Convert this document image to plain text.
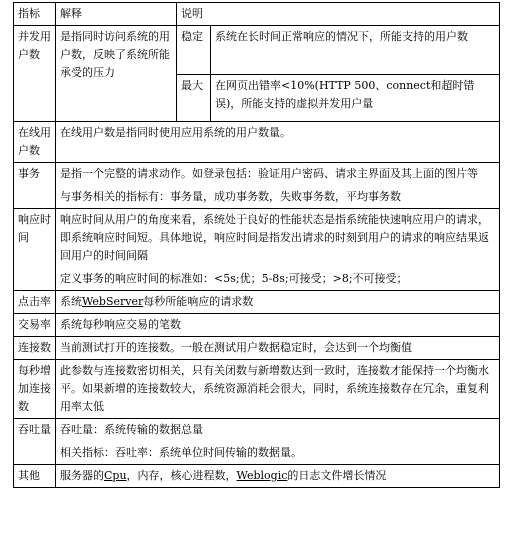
指标	解释	说明	
并发用户数	是指同时访问系统的用户数，反映了系统所能承受的压力	稳定	系统在长时间正常响应的情况下，所能支持的用户数
		最大	在网页出错率<10%(HTTP 500、connect和超时错误)，所能支持的虚拟并发用户量
在线用户数	在线用户数是指同时使用应用系统的用户数量。		
事务	是指一个完整的请求动作。如登录包括：验证用户密码、请求主界面及其上面的图片等

与事务相关的指标有：事务量，成功事务数，失败事务数，平均事务数		

响应时间	响应时间从用户的角度来看，系统处于良好的性能状态是指系统能快速响应用户的请求，即系统响应时间短。具体地说，响应时间是指发出请求的时刻到用户的请求的响应结果返回用户的时间间隔

定义事务的响应时间的标准如：<5s;优；5-8s;可接受；>8;不可接受；		

点击率	系统WebServer每秒所能响应的请求数		
交易率	系统每秒响应交易的笔数		
连接数	当前测试打开的连接数。一般在测试用户数据稳定时，会达到一个均衡值		
每秒增加连接数	此参数与连接数密切相关，只有关闭数与新增数达到一致时，连接数才能保持一个均衡水平。如果新增的连接数较大，系统资源消耗会很大，同时，系统连接数存在冗余，重复利用率太低		
吞吐量	吞吐量：系统传输的数据总量

相关指标：吞吐率：系统单位时间传输的数据量。		

其他	服务器的Cpu，内存，核心进程数，Weblogic的日志文件增长情况		
